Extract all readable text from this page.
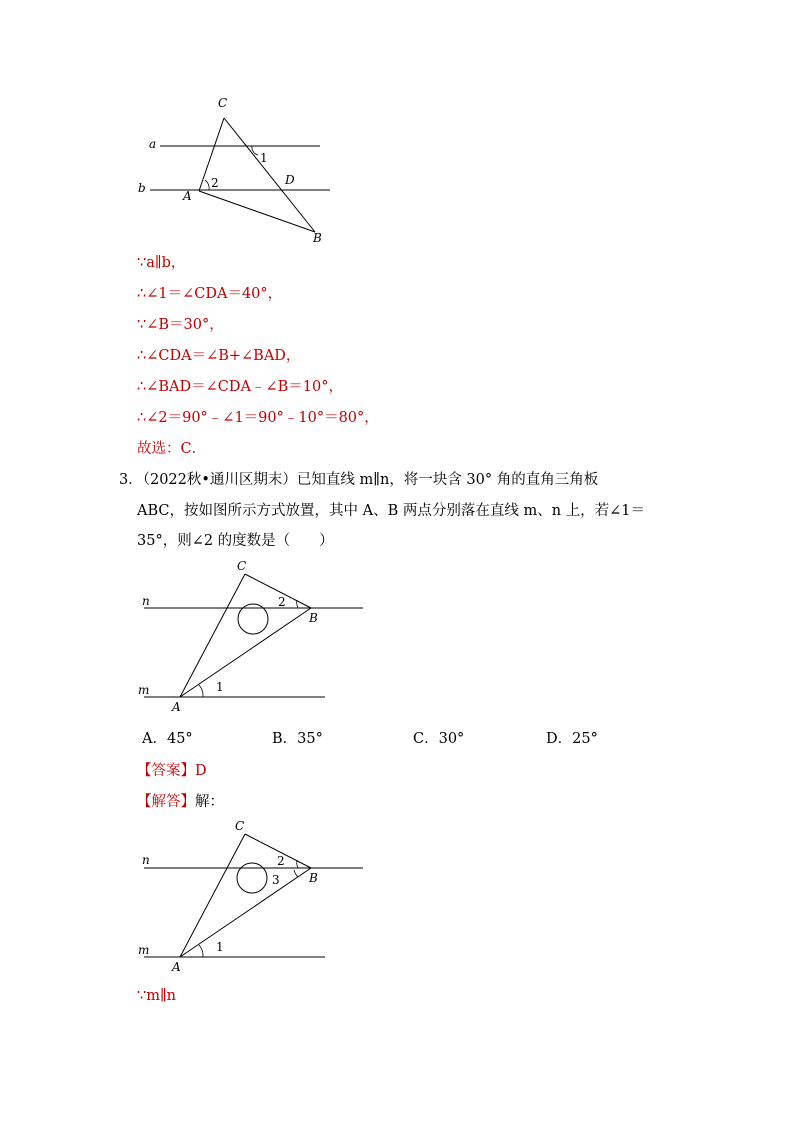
C
a
1
D
2
b
A
B
∵a∥b，
∴∠1＝∠CDA＝40°，
∵∠B＝30°，
∴∠CDA＝∠B+∠BAD，
∴∠BAD＝∠CDA﹣∠B＝10°，
∴∠2＝90°﹣∠1＝90°﹣10°＝80°，
故选：C．
3．（2022秋•通川区期末）已知直线 m∥n，将一块含 30° 角的直角三角板
ABC，按如图所示方式放置，其中 A、B 两点分别落在直线 m、n 上，若∠1＝
35°，则∠2 的度数是（　　）
C
n	2
B
m	1
A
A．45°	B．35°	C．30°	D．25°
【答案】D
【解答】解：
C
n	2
3 B
m	1
A
∵m∥n
